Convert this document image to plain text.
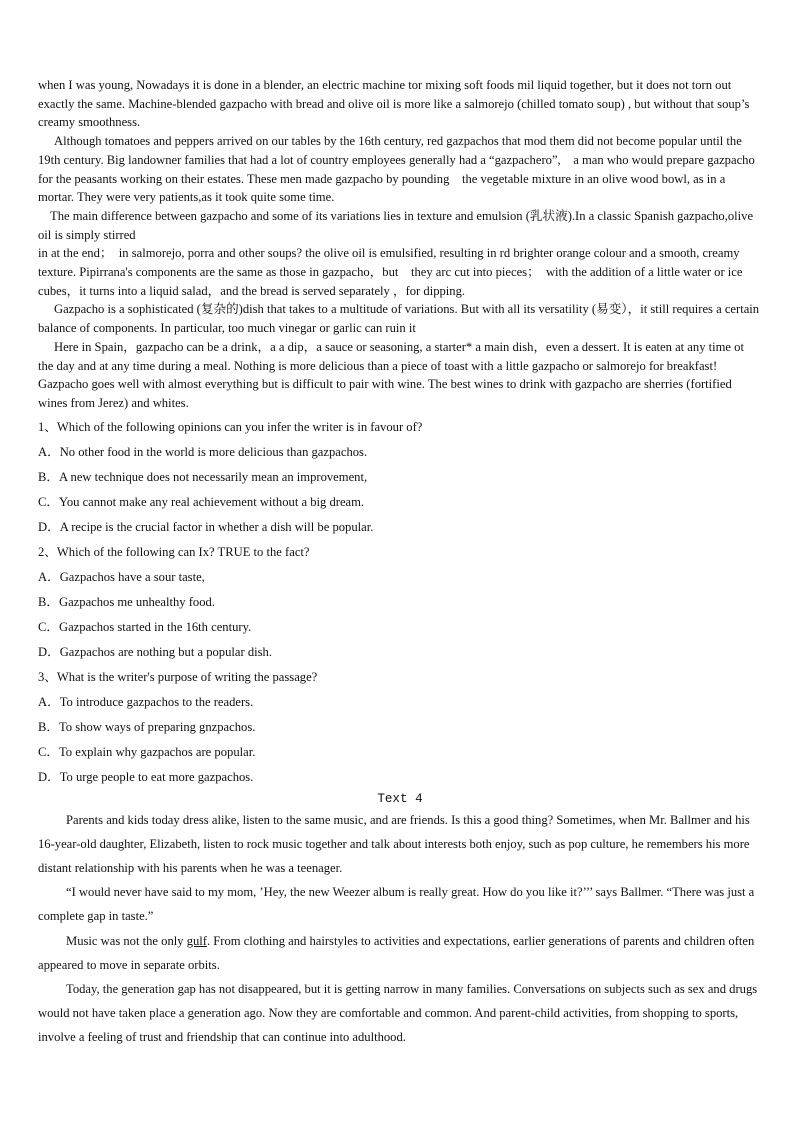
when I was young, Nowadays it is done in a blender, an electric machine tor mixing soft foods mil liquid together, but it does not torn out exactly the same. Machine-blended gazpacho with bread and olive oil is more like a salmorejo (chilled tomato soup) , but without that soup’s creamy smoothness.

Although tomatoes and peppers arrived on our tables by the 16th century, red gazpachos that mod them did not become popular until the 19th century. Big landowner families that had a lot of country employees generally had a “gazpachero”,　a man who would prepare gazpacho for the peasants working on their estates. These men made gazpacho by pounding　the vegetable mixture in an olive wood bowl, as in a mortar. They were very patients,as it took quite some time.

The main difference between gazpacho and some of its variations lies in texture and emulsion (乳状液).In a classic Spanish gazpacho,olive oil is simply stirred

in at the end；　in salmorejo, porra and other soups? the olive oil is emulsified, resulting in rd brighter orange colour and a smooth, creamy texture. Pipirrana's components are the same as those in gazpacho，but　they arc cut into pieces；　with the addition of a little water or ice cubes，it turns into a liquid salad，and the bread is served separately ，for dipping.

Gazpacho is a sophisticated (复杂的)dish that takes to a multitude of variations. But with all its versatility (易变），it still requires a certain balance of components. In particular, too much vinegar or garlic can ruin it

Here in Spain，gazpacho can be a drink，a a dip，a sauce or seasoning, a starter* a main dish，even a dessert. It is eaten at any time ot the day and at any time during a meal. Nothing is more delicious than a piece of toast with a little gazpacho or salmorejo for breakfast! Gazpacho goes well with almost everything but is difficult to pair with wine. The best wines to drink with gazpacho are sherries (fortified wines from Jerez) and whites.

1、Which of the following opinions can you infer the writer is in favour of?
A．No other food in the world is more delicious than gazpachos.
B．A new technique does not necessarily mean an improvement,
C．You cannot make any real achievement without a big dream.
D．A recipe is the crucial factor in whether a dish will be popular.
2、Which of the following can Ix? TRUE to the fact?
A．Gazpachos have a sour taste,
B．Gazpachos me unhealthy food.
C．Gazpachos started in the 16th century.
D．Gazpachos are nothing but a popular dish.
3、What is the writer's purpose of writing the passage?
A．To introduce gazpachos to the readers.
B．To show ways of preparing gnzpachos.
C．To explain why gazpachos are popular.
D．To urge people to eat more gazpachos.

Text 4

Parents and kids today dress alike, listen to the same music, and are friends. Is this a good thing? Sometimes, when Mr. Ballmer and his 16-year-old daughter, Elizabeth, listen to rock music together and talk about interests both enjoy, such as pop culture, he remembers his more distant relationship with his parents when he was a teenager.

“I would never have said to my mom, ’Hey, the new Weezer album is really great. How do you like it?’’’ says Ballmer. “There was just a complete gap in taste.”

Music was not the only gulf. From clothing and hairstyles to activities and expectations, earlier generations of parents and children often appeared to move in separate orbits.

Today, the generation gap has not disappeared, but it is getting narrow in many families. Conversations on subjects such as sex and drugs would not have taken place a generation ago. Now they are comfortable and common. And parent-child activities, from shopping to sports, involve a feeling of trust and friendship that can continue into adulthood.
